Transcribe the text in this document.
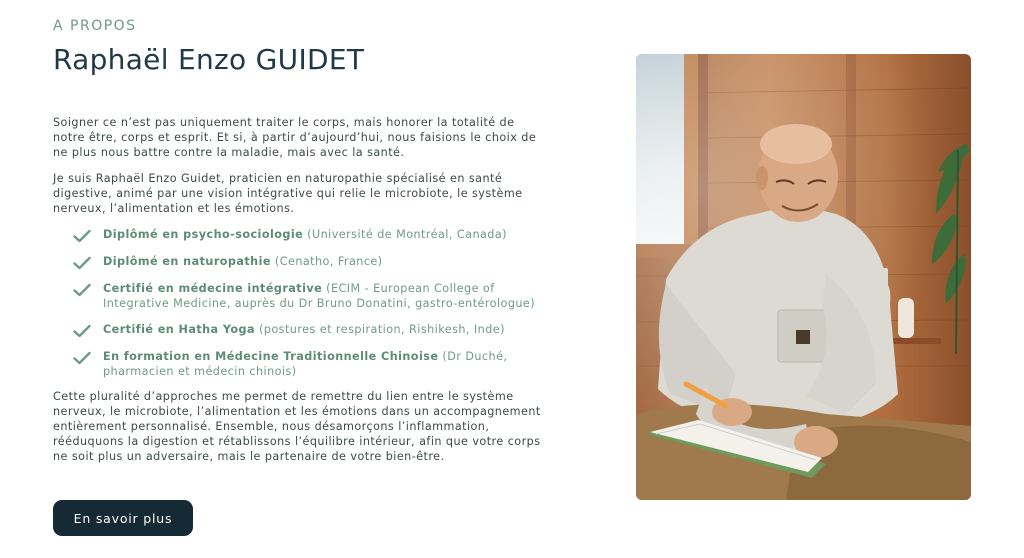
A PROPOS
Raphaël Enzo GUIDET

Soigner ce n’est pas uniquement traiter le corps, mais honorer la totalité de notre être, corps et esprit. Et si, à partir d’aujourd’hui, nous faisions le choix de ne plus nous battre contre la maladie, mais avec la santé.

Je suis Raphaël Enzo Guidet, praticien en naturopathie spécialisé en santé digestive, animé par une vision intégrative qui relie le microbiote, le système nerveux, l’alimentation et les émotions.

Diplômé en psycho-sociologie (Université de Montréal, Canada)
Diplômé en naturopathie (Cenatho, France)
Certifié en médecine intégrative (ECIM - European College of Integrative Medicine, auprès du Dr Bruno Donatini, gastro-entérologue)
Certifié en Hatha Yoga (postures et respiration, Rishikesh, Inde)
En formation en Médecine Traditionnelle Chinoise (Dr Duché, pharmacien et médecin chinois)

Cette pluralité d’approches me permet de remettre du lien entre le système nerveux, le microbiote, l’alimentation et les émotions dans un accompagnement entièrement personnalisé. Ensemble, nous désamorçons l’inflammation, rééduquons la digestion et rétablissons l’équilibre intérieur, afin que votre corps ne soit plus un adversaire, mais le partenaire de votre bien-être.

En savoir plus
